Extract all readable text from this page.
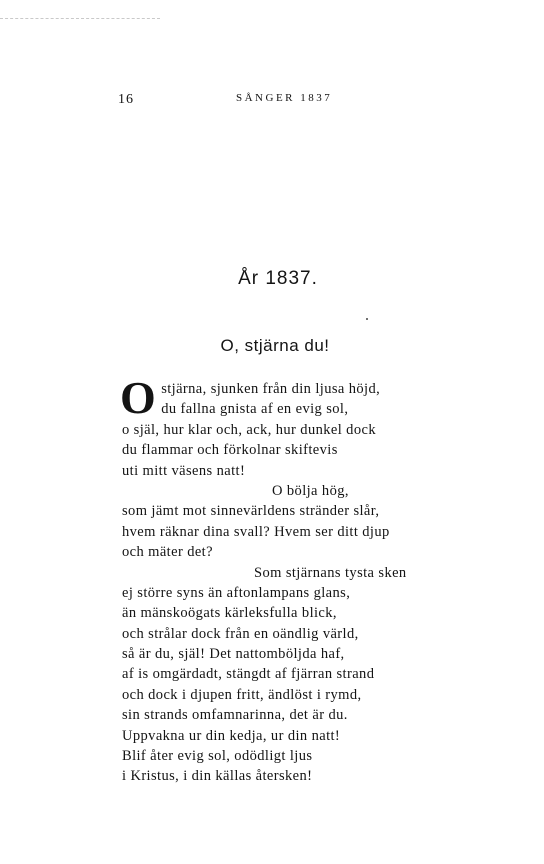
16	SÅNGER 1837
År 1837.
O, stjärna du!
O stjärna, sjunken från din ljusa höjd,
du fallna gnista af en evig sol,
o själ, hur klar och, ack, hur dunkel dock
du flammar och förkolnar skiftevis
uti mitt väsens natt!
O bölja hög,
som jämt mot sinnevärldens stränder slår,
hvem räknar dina svall? Hvem ser ditt djup
och mäter det?
Som stjärnans tysta sken
ej större syns än aftonlampans glans,
än mänskoögats kärleksfulla blick,
och strålar dock från en oändlig värld,
så är du, själ! Det nattomböljda haf,
af is omgärdadt, stängdt af fjärran strand
och dock i djupen fritt, ändlöst i rymd,
sin strands omfamnarinna, det är du.
Uppvakna ur din kedja, ur din natt!
Blif åter evig sol, odödligt ljus
i Kristus, i din källas återsken!
